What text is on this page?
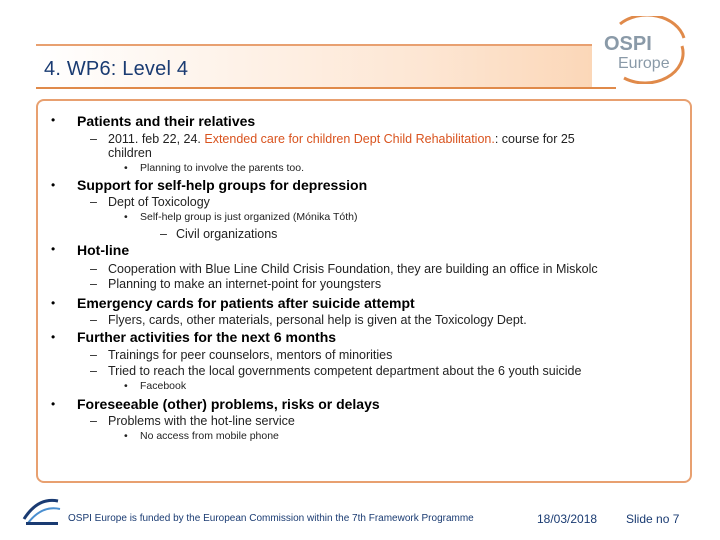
4. WP6: Level 4
OSPI
Europe
• Patients and their relatives
– 2011. feb 22, 24. Extended care for children Dept Child Rehabilitation.: course for 25
children
• Planning to involve the parents too.
• Support for self-help groups for depression
– Dept of Toxicology
• Self-help group is just organized (Mónika Tóth)
– Civil organizations
• Hot-line
– Cooperation with Blue Line Child Crisis Foundation, they are building an office in Miskolc
– Planning to make an internet-point for youngsters
• Emergency cards for patients after suicide attempt
– Flyers, cards, other materials, personal help is given at the Toxicology Dept.
• Further activities for the next 6 months
– Trainings for peer counselors, mentors of minorities
– Tried to reach the local governments competent department about the 6 youth suicide
• Facebook
• Foreseeable (other) problems, risks or delays
– Problems with the hot-line service
• No access from mobile phone
OSPI Europe is funded by the European Commission within the 7th Framework Programme	18/03/2018 Slide no 7
